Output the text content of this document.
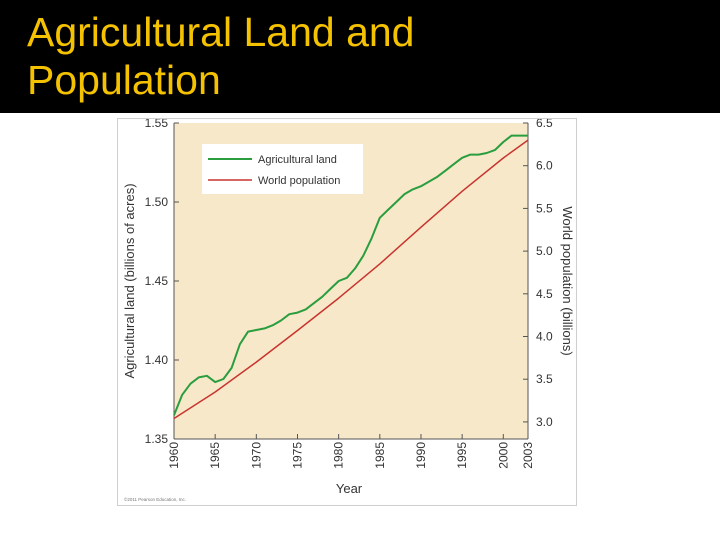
Agricultural Land and
Population
Agricultural land
World population
1960 1965 1970 1975 1980 1985 1990 1995 2000 2003
1.35
1.40
1.45
1.50
1.55
3.0
3.5
4.0
4.5
5.0
5.5
6.0
6.5
Year
Agricultural land (billions of acres)	World population (billions)
©2011 Pearson Education, Inc.
